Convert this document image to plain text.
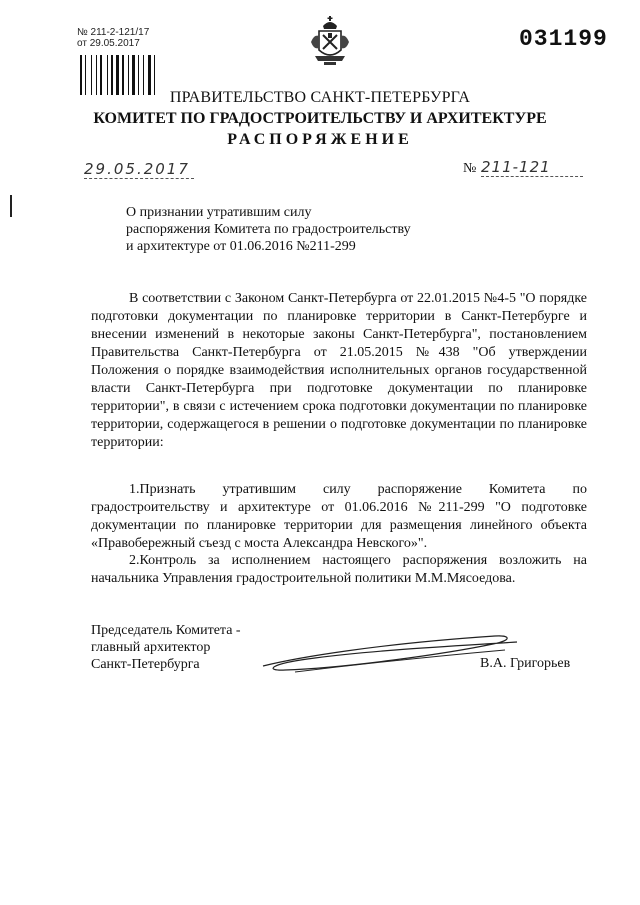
№ 211-2-121/17
от 29.05.2017	031199
ПРАВИТЕЛЬСТВО САНКТ-ПЕТЕРБУРГА
КОМИТЕТ ПО ГРАДОСТРОИТЕЛЬСТВУ И АРХИТЕКТУРЕ
РАСПОРЯЖЕНИЕ
29.05.2017	№ 211-121
О признании утратившим силу
распоряжения Комитета по градостроительству
и архитектуре от 01.06.2016 №211-299
В соответствии с Законом Санкт-Петербурга от 22.01.2015 №4-5 "О порядке подготовки документации по планировке территории в Санкт-Петербурге и внесении изменений в некоторые законы Санкт-Петербурга", постановлением Правительства Санкт-Петербурга от 21.05.2015 №438 "Об утверждении Положения о порядке взаимодействия исполнительных органов государственной власти Санкт-Петербурга при подготовке документации по планировке территории", в связи с истечением срока подготовки документации по планировке территории, содержащегося в решении о подготовке документации по планировке территории:
1.Признать утратившим силу распоряжение Комитета по градостроительству и архитектуре от 01.06.2016 №211-299 "О подготовке документации по планировке территории для размещения линейного объекта «Правобережный съезд с моста Александра Невского»".
2.Контроль за исполнением настоящего распоряжения возложить на начальника Управления градостроительной политики М.М.Мясоедова.
Председатель Комитета -
главный архитектор
Санкт-Петербурга	В.А. Григорьев
